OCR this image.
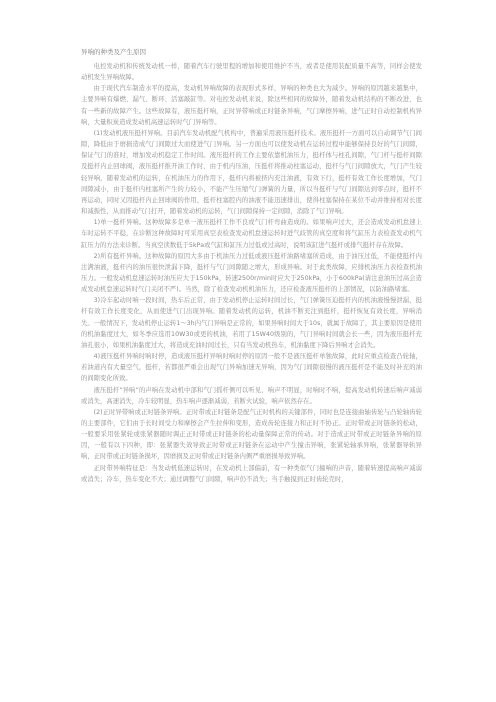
异响的种类及产生原因

电控发动机和传统发动机一样，随着汽车行驶里程的增加和使用维护不当，或者是使用装配质量不高等，同样会使发动机发生异响故障。

由于现代汽车制造水平的提高，发动机异响故障的表现形式多样，异响的种类也大为减少。异响的原因越来越集中，主要异响有爆燃、漏气、断环、活塞敲缸等。对电控发动机来说，除这些相同的故障外，随着发动机结构的不断改进，也有一些新的故障产生。这些故障有，液压挺杆响，正时异带响或正时链条异响，气门摩擦异响，进气正时自动控制机构异响，大量积炭造成发动机高速运转时气门异响等。

(1)发动机液压挺杆异响。目前汽车发动机配气机构中，普遍采用液压挺杆技术。液压挺杆一方面可以自动调节气门间隙，降低由于磨损造成气门间隙过大而使进气门异响。另一方面也可以使发动机在运转过程中能够保持良好的气门间隙，保证气门的准时，增加发动机稳定工作时间。液压挺杆的工作主要依靠机油压力，挺杆体与柱孔间隙，气门杆与挺杆间隙及挺杆内止回球阀，液压挺杆推开油工作时，由于机内压油，压挺杆将推动柱塞运动，挺杆与气门间隙放大，气门产生较轻异响，随着发动机的运转，在机油压力的作用下，挺杆内将被挤内充注油液，有效下行，挺杆有效工作长度增加，气门间隙减小，由于挺杆内柱塞所产生的力较小，不能产生压缩气门弹簧的力量，所以当挺杆与气门间隙达到零点时，挺杆不再运动，同时又因挺杆内止回球阀的作用，挺杆柱塞腔内的油液不能迅速排出，使得柱塞保持在某位不动并维持相对长度和减振性，从而推动气门打开，随着发动机的运转，气门间隙保持一定间隙，消除了气门异响。

1)单一挺杆异响。这种故障多是单一液压挺杆工作不良或气门杆弯曲造成的。如果响声过大，还会造成发动机怠速上车时运转不平稳，在诊断这种故障时可采用真空表检查发动机怠速运转时进气歧管的真空度和将气缸压力表检查发动机气缸压力的方法来诊断。当真空读数低于5kPa或气缸和缸压力过低或过高时，说明该缸进气挺杆或排气挺杆存在故障。

2)所有挺杆异响。这种故障的原因大多由于机油压力过低或液压挺杆油路堵塞所造成，由于油压过低，不能使挺杆内注满油液，挺杆内的油压很快泄漏下降，挺杆与气门间隙随之增大，形成异响。对于此类故障，应排机油压力表检查机油压力。一般发动机怠速运转时油压应大于150kPa，转速2500r/min时应大于250kPa，小于600kPa(请注意油压过高会造成发动机怠速运转时气门关闭不严)。当然，除了检查发动机机油压力，还应检查液压挺杆的上部情况，以防油路堵塞。

3)冷车起动时响一段时间，热车后正常，由于发动机停止运转时间过长，气门弹簧压迫挺杆内的机油液慢慢泄漏，挺杆有效工作长度变化，从而使进气门出现异响。随着发动机的运转，机油不断充注到挺杆，挺杆恢复有效长度，异响消失。一般情况下，发动机停止运转1～3h内气门异响是正常的，如果异响时间大于10s，就属于故障了，其主要原因是使用的机油黏度过大，如冬季应选用10W30或更的机油，若用了15W40级别的，气门异响时间就会长一些，因为液压挺杆充油孔很小，如果机油黏度过大，将造成充油时间过长，只有当发动机热车，机油黏度下降后异响才会消失。

4)液压挺杆异响时响时停，造成液压挺杆异响时响时停的原因一般不是液压挺杆单独故障，此时应重点检查凸轮轴，若油道内有大量空气，挺杆，若都很严重会出现气门异响加速无异响，因为气门间隙很慢的液压挺杆是不能及时补充的油的间隙变化所致。

液压挺杆“异响”的声响在发动机中部和气门摇杆侧可以听见，响声不明显，时响时不响，提高发动机转速后响声减弱或消失，高速消失，冷车较明显，热车响声逐渐减弱，若断火试验，响声依然存在。

(2)正时异带响或正时链条异响。正时带或正时链条是配气正时机构的关键部件，同时也是连接曲轴齿轮与凸轮轴齿轮的主要部件，它们由于长时间受力和摩擦会产生拉伸和变形，造成齿轮连接力和正时不协正。正时带或正时链条的松动，一般要采用张紧轮或张紧器随时调正正时带或正时链条的松动量保障正常的传动。对于造成正时带或正时链条异响的原因，一般有以下四种，即：张紧器失效导致正时带或正时链条在运动中产生撞击异响，张紧轮轴承异响，张紧器导轨异响，正时带或正时链条损坏，因磨损及正时带或正时链条内侧严重磨损导致异响。

正时带异响特征是：当发动机低速运转时，在发动机上部偏前，有一种类似气门撞响的声音，随着转速提高响声减弱或消失；冷车，热车变化不大；通过调整气门间隙，响声仍不消失；当手触摸到正时齿轮壳时，
